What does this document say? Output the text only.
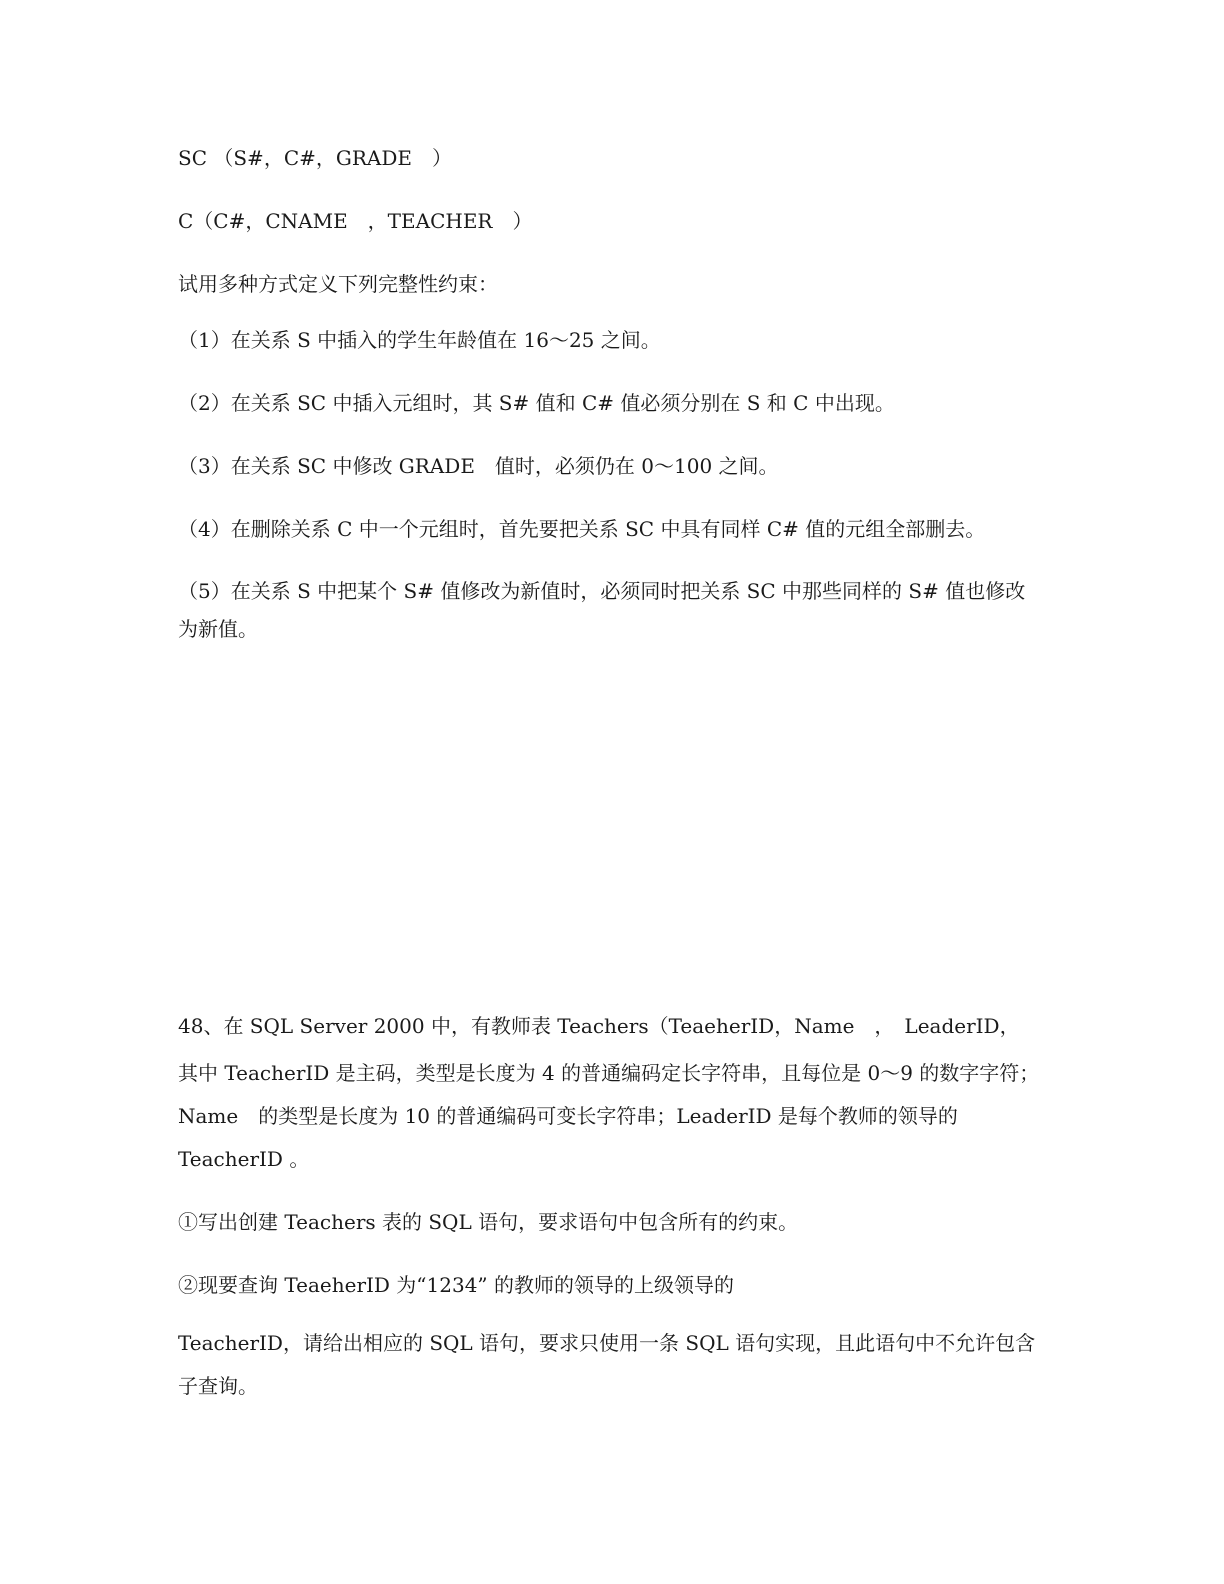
SC （S#，C#，GRADE　）

C（C#，CNAME　，TEACHER　）

试用多种方式定义下列完整性约束：

（1）在关系 S 中插入的学生年龄值在 16～25 之间。

（2）在关系 SC 中插入元组时，其 S# 值和 C# 值必须分别在 S 和 C 中出现。

（3）在关系 SC 中修改 GRADE　值时，必须仍在 0～100 之间。

（4）在删除关系 C 中一个元组时，首先要把关系 SC 中具有同样 C# 值的元组全部删去。

（5）在关系 S 中把某个 S# 值修改为新值时，必须同时把关系 SC 中那些同样的 S# 值也修改为新值。

48、在 SQL Server 2000 中，有教师表 Teachers（TeaeherID，Name　，　LeaderID，

其中 TeacherID 是主码，类型是长度为 4 的普通编码定长字符串，且每位是 0～9 的数字字符；Name　的类型是长度为 10 的普通编码可变长字符串；LeaderID 是每个教师的领导的 TeacherID 。

①写出创建 Teachers 表的 SQL 语句，要求语句中包含所有的约束。

②现要查询 TeaeherID 为“1234” 的教师的领导的上级领导的

TeacherID，请给出相应的 SQL 语句，要求只使用一条 SQL 语句实现，且此语句中不允许包含子查询。
